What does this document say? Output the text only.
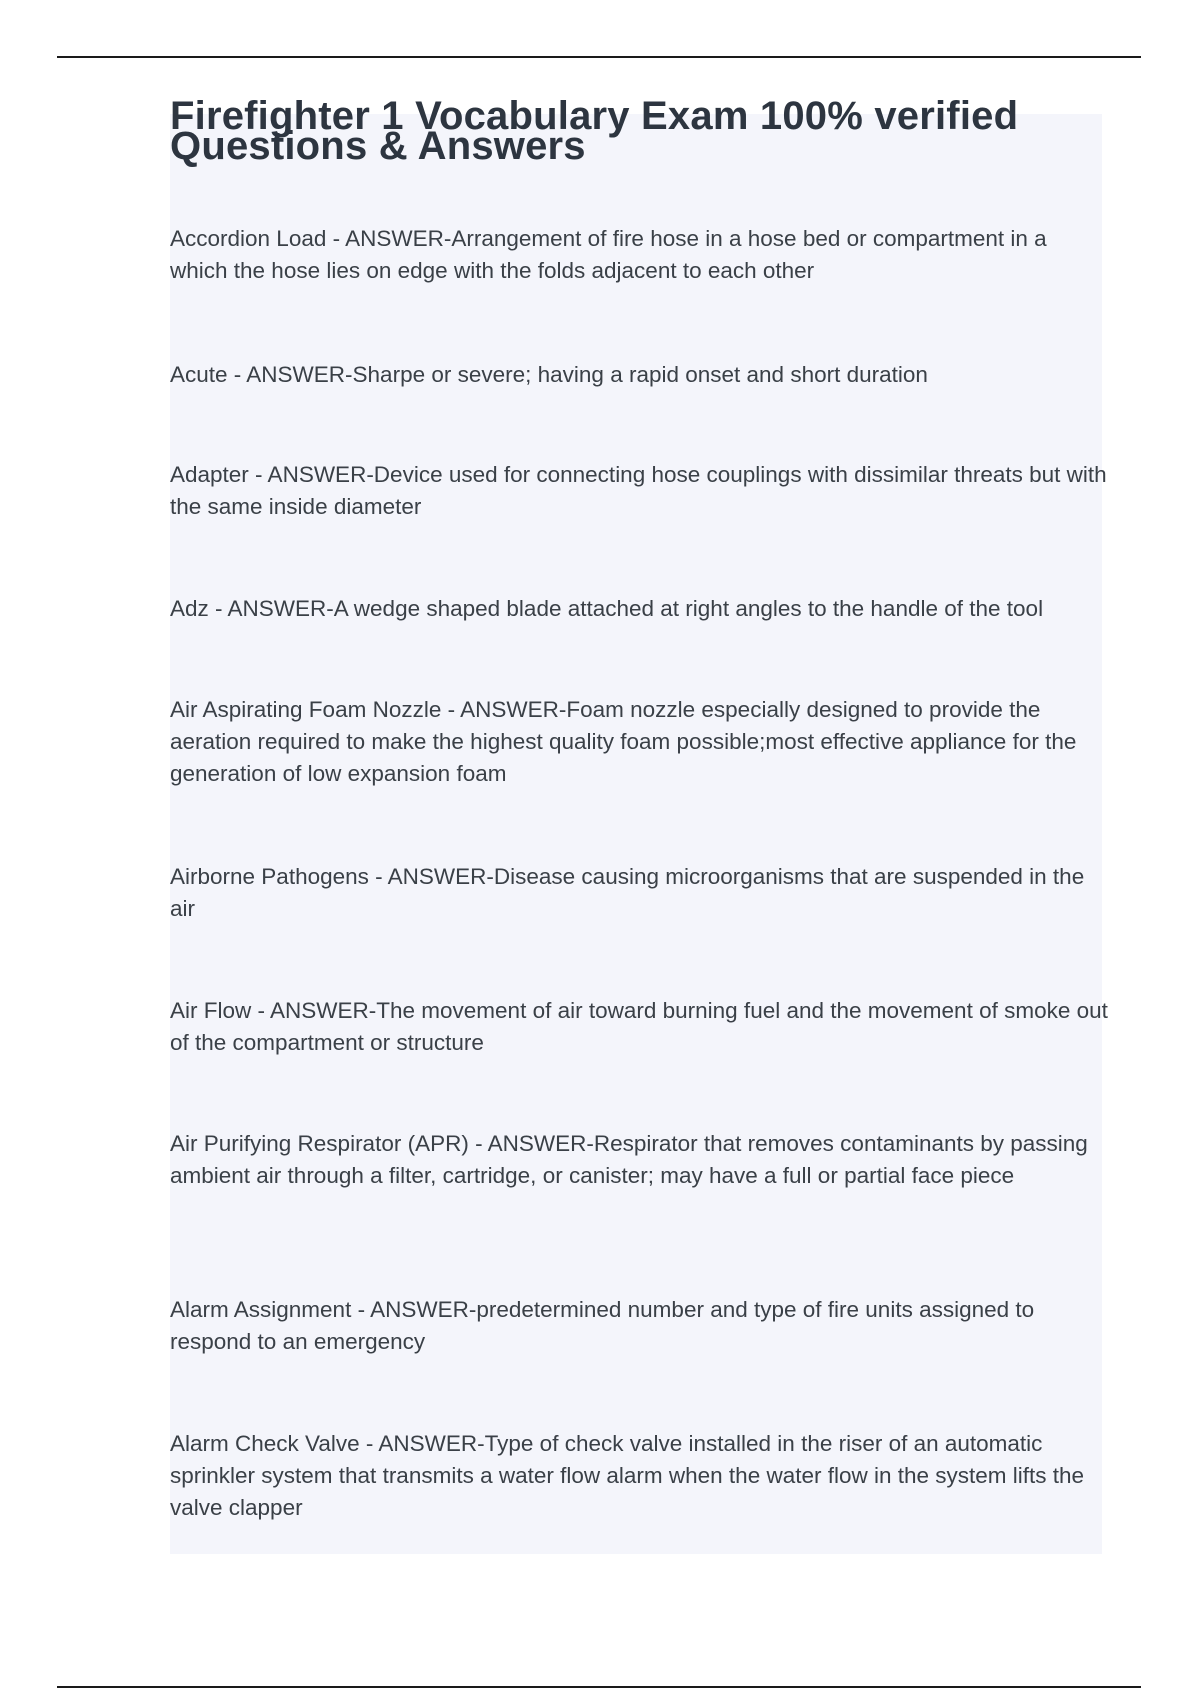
Firefighter 1 Vocabulary Exam 100% verified Questions & Answers

Accordion Load - ANSWER-Arrangement of fire hose in a hose bed or compartment in a which the hose lies on edge with the folds adjacent to each other

Acute - ANSWER-Sharpe or severe; having a rapid onset and short duration

Adapter - ANSWER-Device used for connecting hose couplings with dissimilar threats but with the same inside diameter

Adz - ANSWER-A wedge shaped blade attached at right angles to the handle of the tool

Air Aspirating Foam Nozzle - ANSWER-Foam nozzle especially designed to provide the aeration required to make the highest quality foam possible;most effective appliance for the generation of low expansion foam

Airborne Pathogens - ANSWER-Disease causing microorganisms that are suspended in the air

Air Flow - ANSWER-The movement of air toward burning fuel and the movement of smoke out of the compartment or structure

Air Purifying Respirator (APR) - ANSWER-Respirator that removes contaminants by passing ambient air through a filter, cartridge, or canister; may have a full or partial face piece

Alarm Assignment - ANSWER-predetermined number and type of fire units assigned to respond to an emergency

Alarm Check Valve - ANSWER-Type of check valve installed in the riser of an automatic sprinkler system that transmits a water flow alarm when the water flow in the system lifts the valve clapper
